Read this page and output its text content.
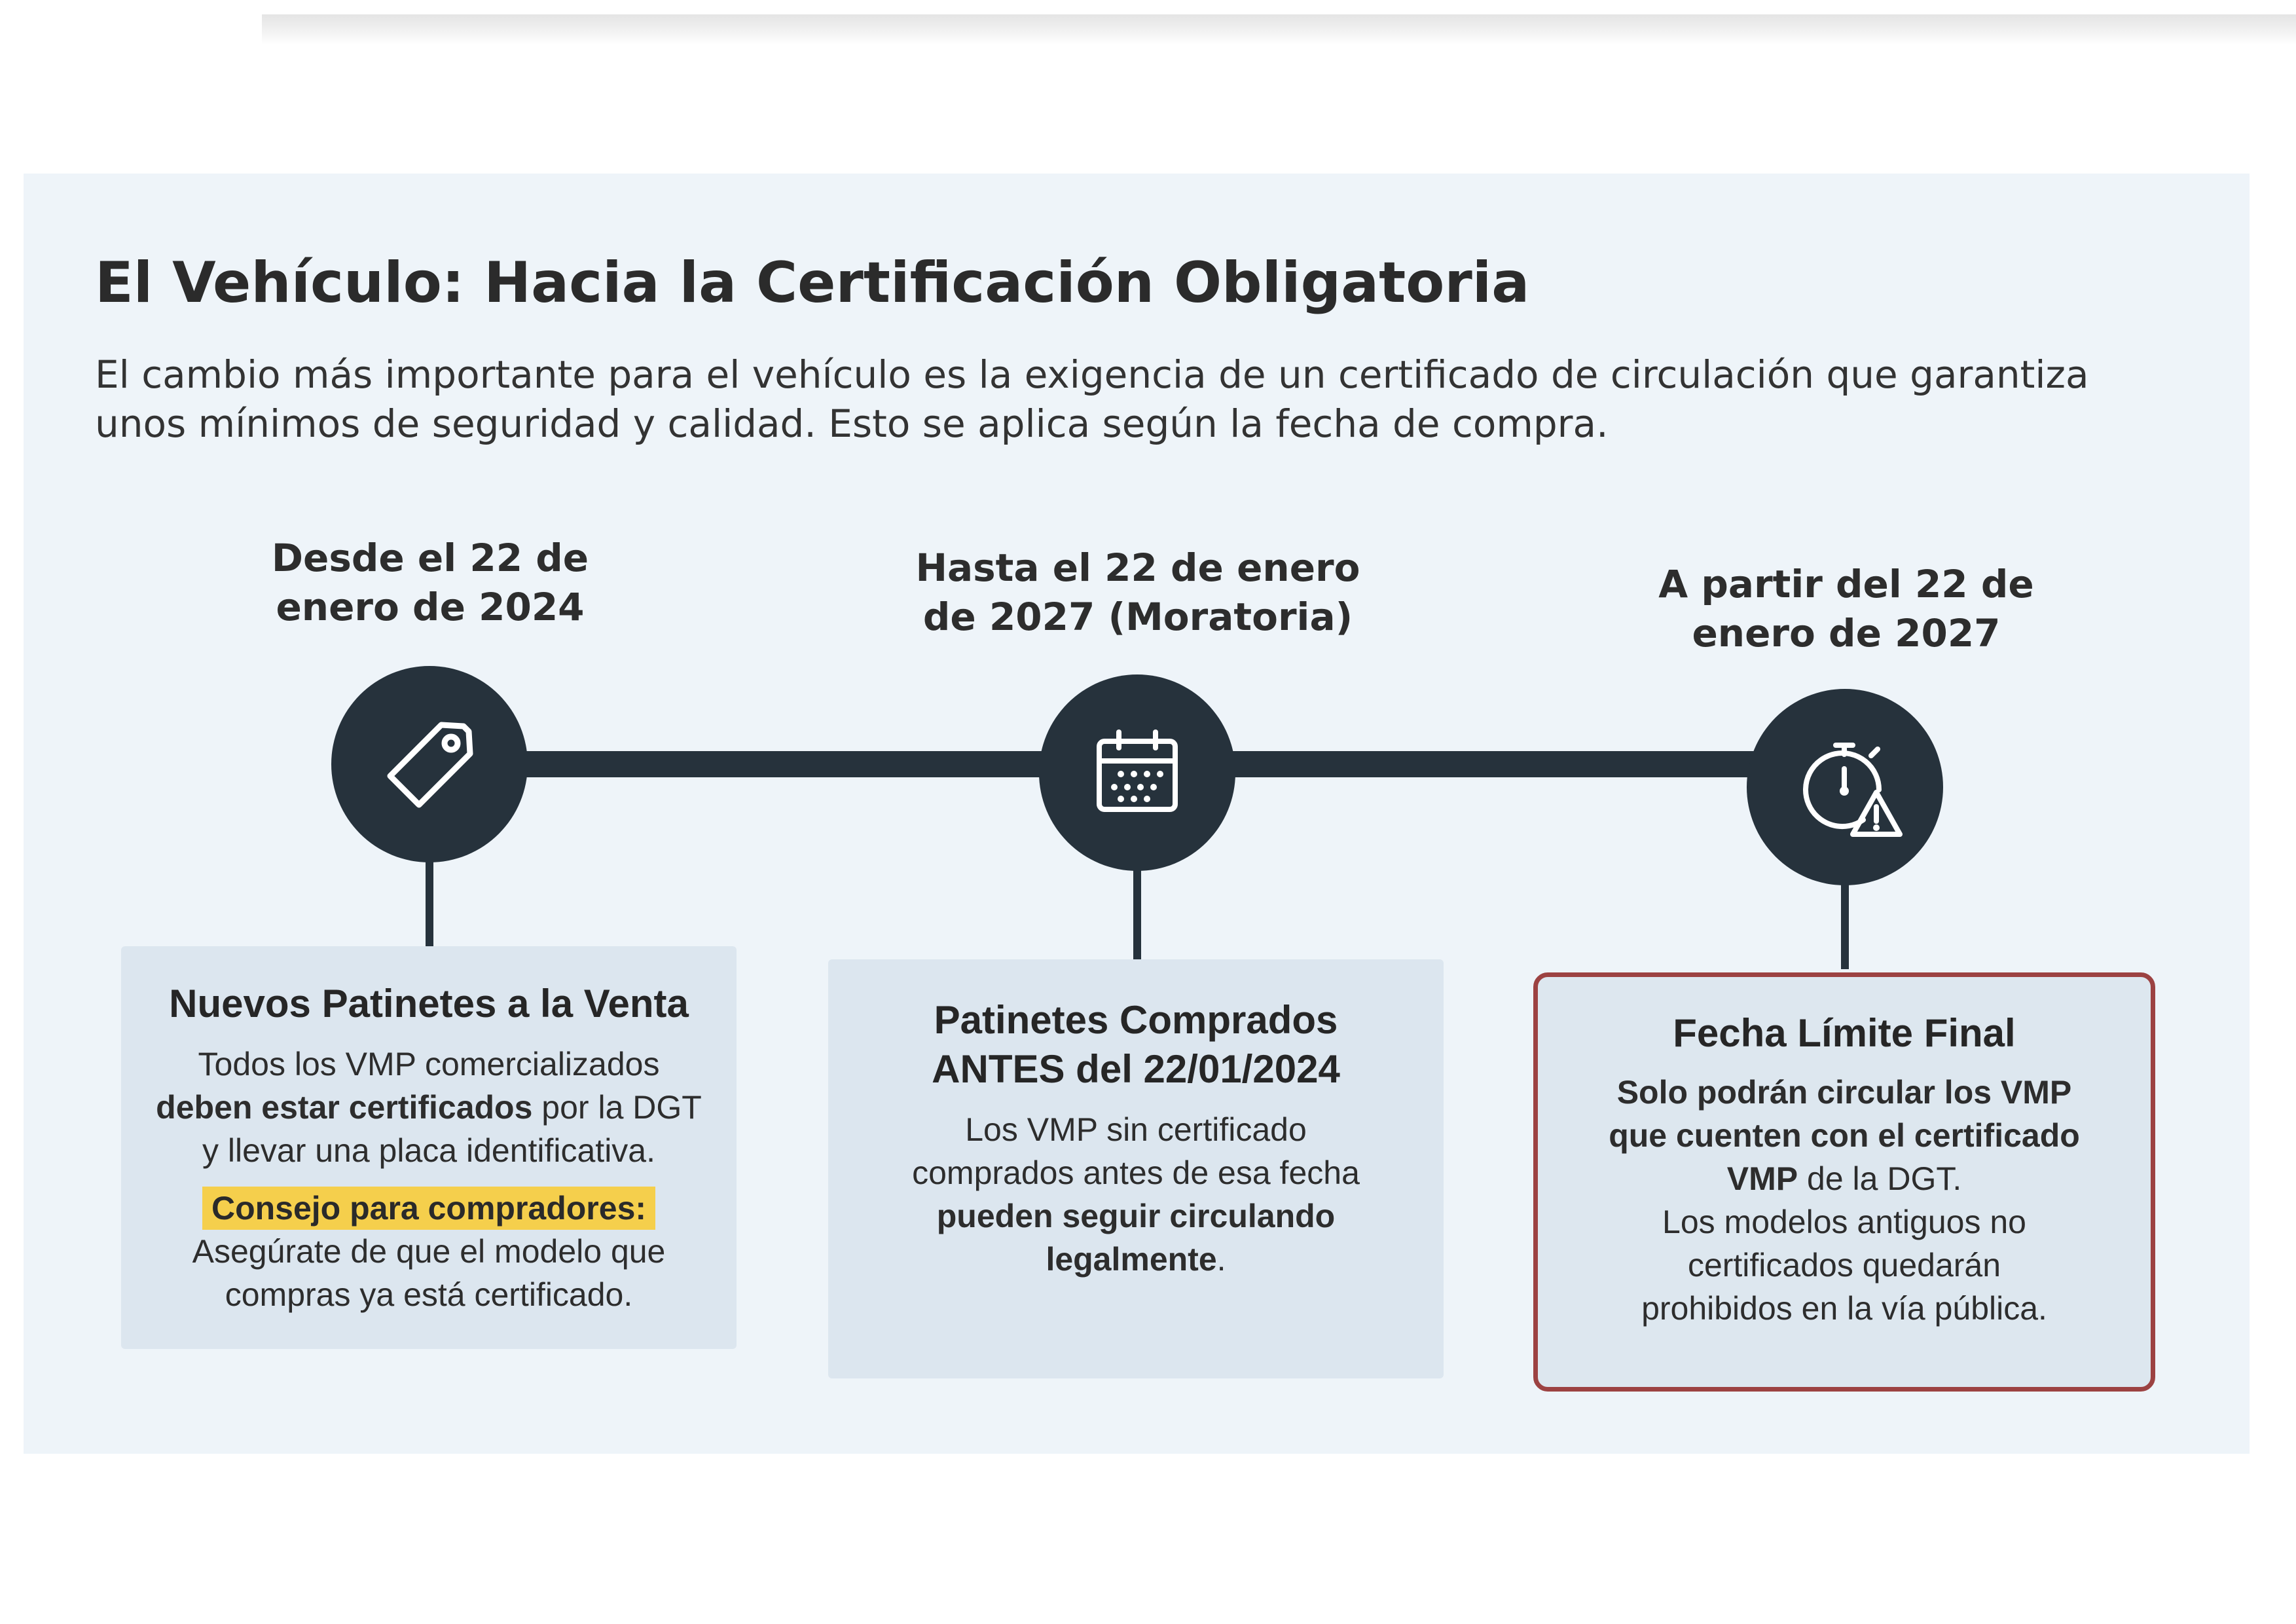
El Vehículo: Hacia la Certificación Obligatoria

El cambio más importante para el vehículo es la exigencia de un certificado de circulación que garantiza unos mínimos de seguridad y calidad. Esto se aplica según la fecha de compra.

Desde el 22 de
enero de 2024
Hasta el 22 de enero
de 2027 (Moratoria)
A partir del 22 de
enero de 2027
Nuevos Patinetes a la Venta
Todos los VMP comercializados
deben estar certificados por la DGT
y llevar una placa identificativa.
Consejo para compradores:
Asegúrate de que el modelo que
compras ya está certificado.
Patinetes Comprados
ANTES del 22/01/2024
Los VMP sin certificado
comprados antes de esa fecha
pueden seguir circulando
legalmente.
Fecha Límite Final
Solo podrán circular los VMP
que cuenten con el certificado
VMP de la DGT.
Los modelos antiguos no
certificados quedarán
prohibidos en la vía pública.
